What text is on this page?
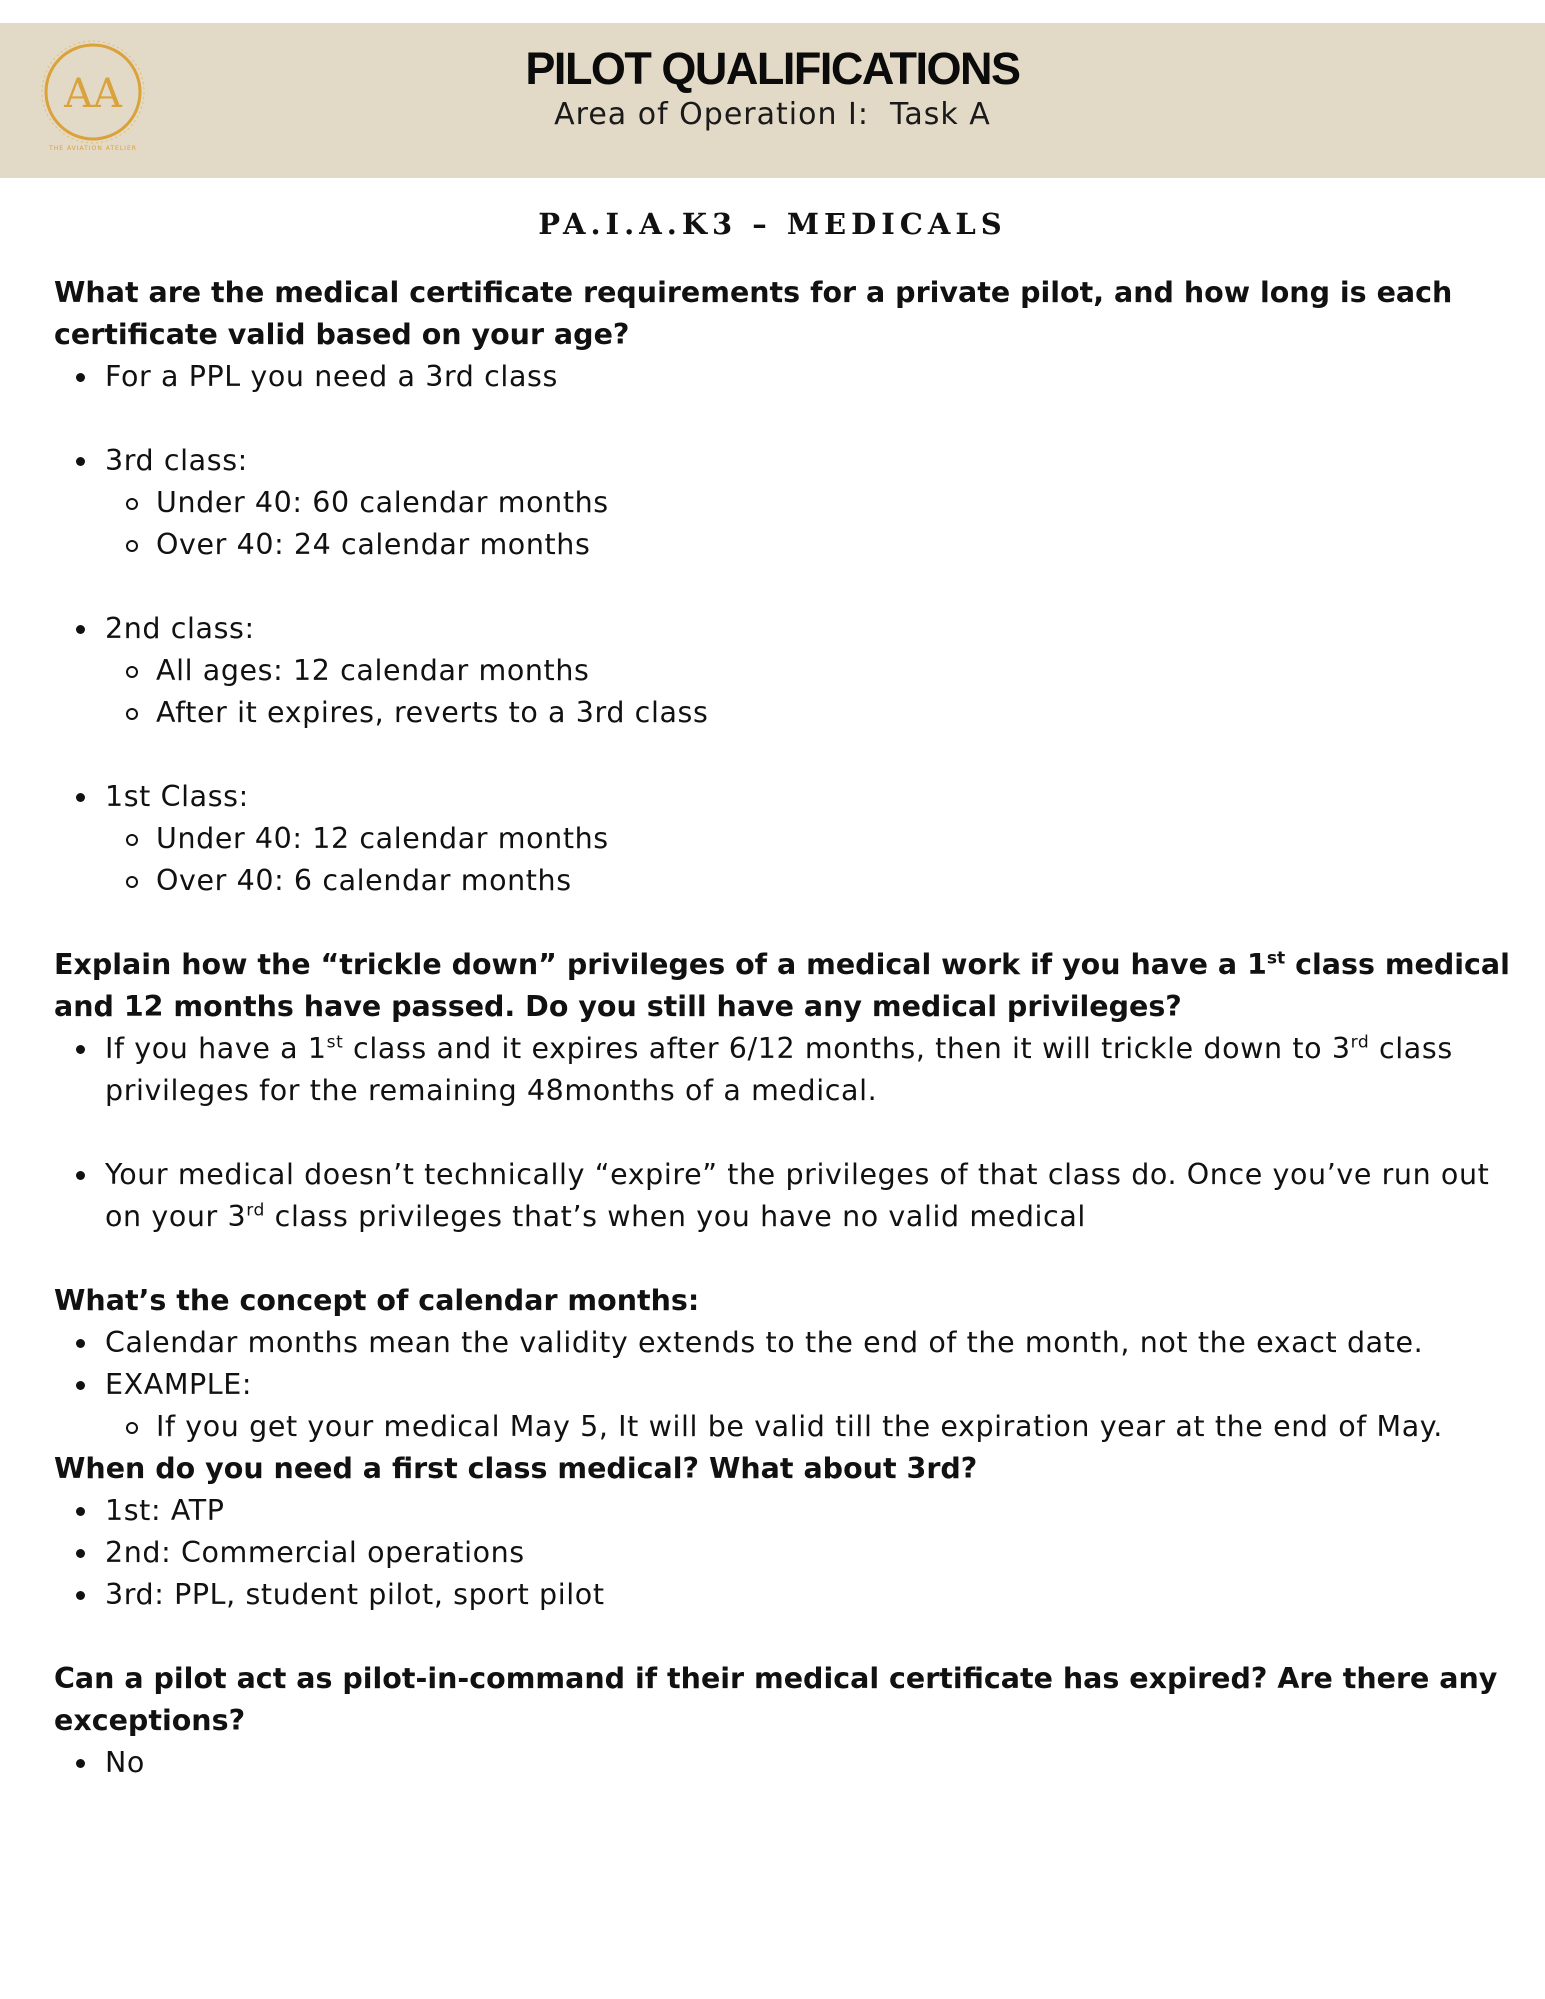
AA
THE AVIATION ATELIER
PILOT QUALIFICATIONS
Area of Operation I:  Task A
PA.I.A.K3 – MEDICALS

What are the medical certificate requirements for a private pilot, and how long is each certificate valid based on your age?

For a PPL you need a 3rd class
3rd class:
Under 40: 60 calendar months
Over 40: 24 calendar months
2nd class:
All ages: 12 calendar months
After it expires, reverts to a 3rd class
1st Class:
Under 40: 12 calendar months
Over 40: 6 calendar months

Explain how the “trickle down” privileges of a medical work if you have a 1st class medical and 12 months have passed. Do you still have any medical privileges?

If you have a 1st class and it expires after 6/12 months, then it will trickle down to 3rd class privileges for the remaining 48months of a medical.
Your medical doesn’t technically “expire” the privileges of that class do. Once you’ve run out on your 3rd class privileges that’s when you have no valid medical

What’s the concept of calendar months:

Calendar months mean the validity extends to the end of the month, not the exact date.
EXAMPLE:
If you get your medical May 5, It will be valid till the expiration year at the end of May.

When do you need a first class medical? What about 3rd?

1st: ATP
2nd: Commercial operations
3rd: PPL, student pilot, sport pilot

Can a pilot act as pilot-in-command if their medical certificate has expired? Are there any exceptions?

No
